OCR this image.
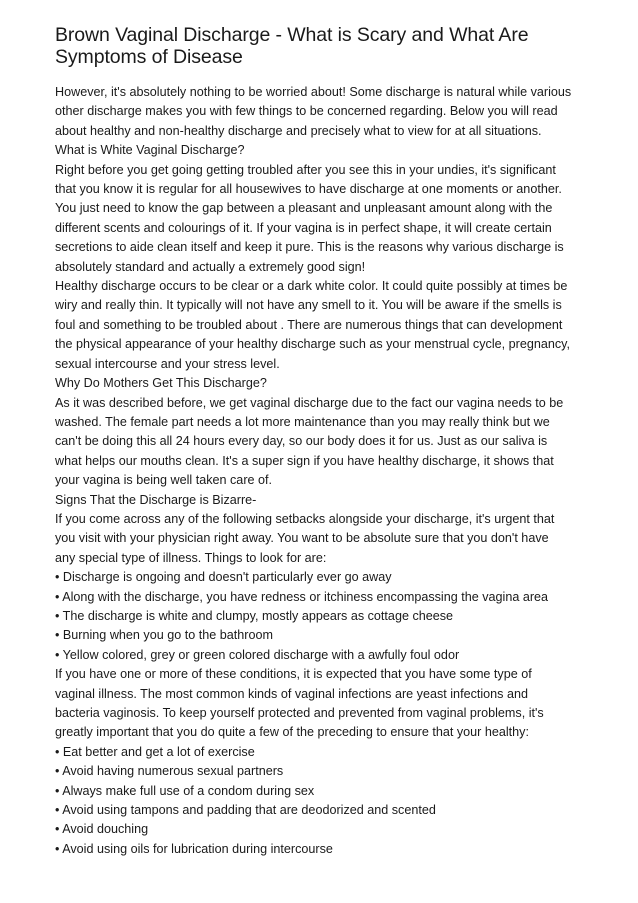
Brown Vaginal Discharge - What is Scary and What Are
Symptoms of Disease
However, it's absolutely nothing to be worried about! Some discharge is natural while various
other discharge makes you with few things to be concerned regarding. Below you will read
about healthy and non-healthy discharge and precisely what to view for at all situations.
What is White Vaginal Discharge?
Right before you get going getting troubled after you see this in your undies, it's significant
that you know it is regular for all housewives to have discharge at one moments or another.
You just need to know the gap between a pleasant and unpleasant amount along with the
different scents and colourings of it. If your vagina is in perfect shape, it will create certain
secretions to aide clean itself and keep it pure. This is the reasons why various discharge is
absolutely standard and actually a extremely good sign!
Healthy discharge occurs to be clear or a dark white color. It could quite possibly at times be
wiry and really thin. It typically will not have any smell to it. You will be aware if the smells is
foul and something to be troubled about . There are numerous things that can development
the physical appearance of your healthy discharge such as your menstrual cycle, pregnancy,
sexual intercourse and your stress level.
Why Do Mothers Get This Discharge?
As it was described before, we get vaginal discharge due to the fact our vagina needs to be
washed. The female part needs a lot more maintenance than you may really think but we
can't be doing this all 24 hours every day, so our body does it for us. Just as our saliva is
what helps our mouths clean. It's a super sign if you have healthy discharge, it shows that
your vagina is being well taken care of.
Signs That the Discharge is Bizarre-
If you come across any of the following setbacks alongside your discharge, it's urgent that
you visit with your physician right away. You want to be absolute sure that you don't have
any special type of illness. Things to look for are:
• Discharge is ongoing and doesn't particularly ever go away
• Along with the discharge, you have redness or itchiness encompassing the vagina area
• The discharge is white and clumpy, mostly appears as cottage cheese
• Burning when you go to the bathroom
• Yellow colored, grey or green colored discharge with a awfully foul odor
If you have one or more of these conditions, it is expected that you have some type of
vaginal illness. The most common kinds of vaginal infections are yeast infections and
bacteria vaginosis. To keep yourself protected and prevented from vaginal problems, it's
greatly important that you do quite a few of the preceding to ensure that your healthy:
• Eat better and get a lot of exercise
• Avoid having numerous sexual partners
• Always make full use of a condom during sex
• Avoid using tampons and padding that are deodorized and scented
• Avoid douching
• Avoid using oils for lubrication during intercourse
